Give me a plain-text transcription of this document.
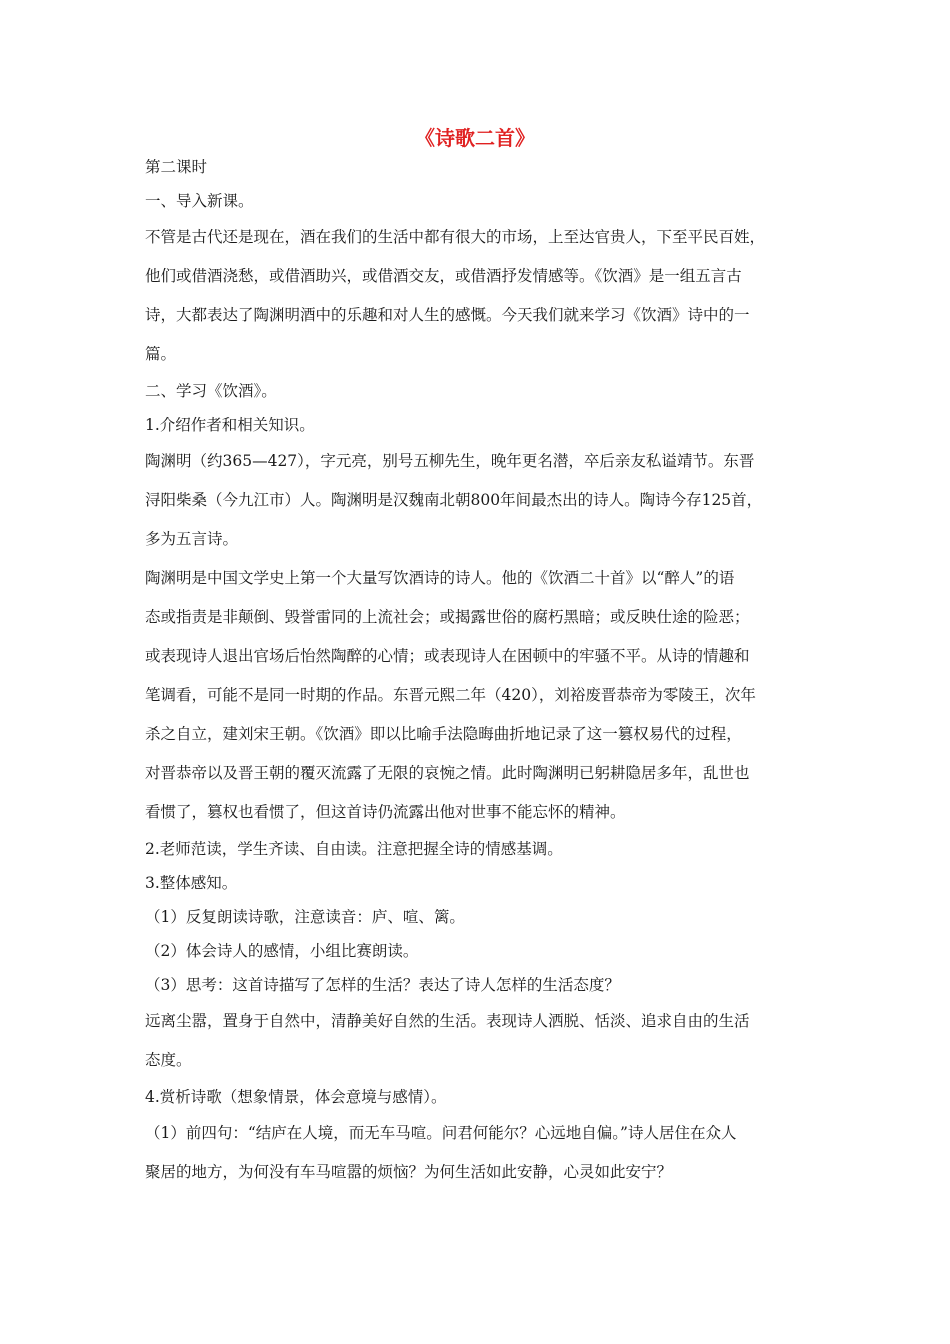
《诗歌二首》
第二课时
一、导入新课。
不管是古代还是现在，酒在我们的生活中都有很大的市场，上至达官贵人，下至平民百姓，
他们或借酒浇愁，或借酒助兴，或借酒交友，或借酒抒发情感等。《饮酒》是一组五言古
诗，大都表达了陶渊明酒中的乐趣和对人生的感慨。今天我们就来学习《饮酒》诗中的一
篇。
二、学习《饮酒》。
1.介绍作者和相关知识。
陶渊明（约365—427），字元亮，别号五柳先生，晚年更名潜，卒后亲友私谥靖节。东晋
浔阳柴桑（今九江市）人。陶渊明是汉魏南北朝800年间最杰出的诗人。陶诗今存125首，
多为五言诗。
陶渊明是中国文学史上第一个大量写饮酒诗的诗人。他的《饮酒二十首》以“醉人”的语
态或指责是非颠倒、毁誉雷同的上流社会；或揭露世俗的腐朽黑暗；或反映仕途的险恶；
或表现诗人退出官场后怡然陶醉的心情；或表现诗人在困顿中的牢骚不平。从诗的情趣和
笔调看，可能不是同一时期的作品。东晋元熙二年（420），刘裕废晋恭帝为零陵王，次年
杀之自立，建刘宋王朝。《饮酒》即以比喻手法隐晦曲折地记录了这一篡权易代的过程，
对晋恭帝以及晋王朝的覆灭流露了无限的哀惋之情。此时陶渊明已躬耕隐居多年，乱世也
看惯了，篡权也看惯了，但这首诗仍流露出他对世事不能忘怀的精神。
2.老师范读，学生齐读、自由读。注意把握全诗的情感基调。
3.整体感知。
（1）反复朗读诗歌，注意读音：庐、喧、篱。
（2）体会诗人的感情，小组比赛朗读。
（3）思考：这首诗描写了怎样的生活？表达了诗人怎样的生活态度？
远离尘嚣，置身于自然中，清静美好自然的生活。表现诗人洒脱、恬淡、追求自由的生活
态度。
4.赏析诗歌（想象情景，体会意境与感情）。
（1）前四句：“结庐在人境，而无车马喧。问君何能尔？心远地自偏。”诗人居住在众人
聚居的地方，为何没有车马喧嚣的烦恼？为何生活如此安静，心灵如此安宁？
